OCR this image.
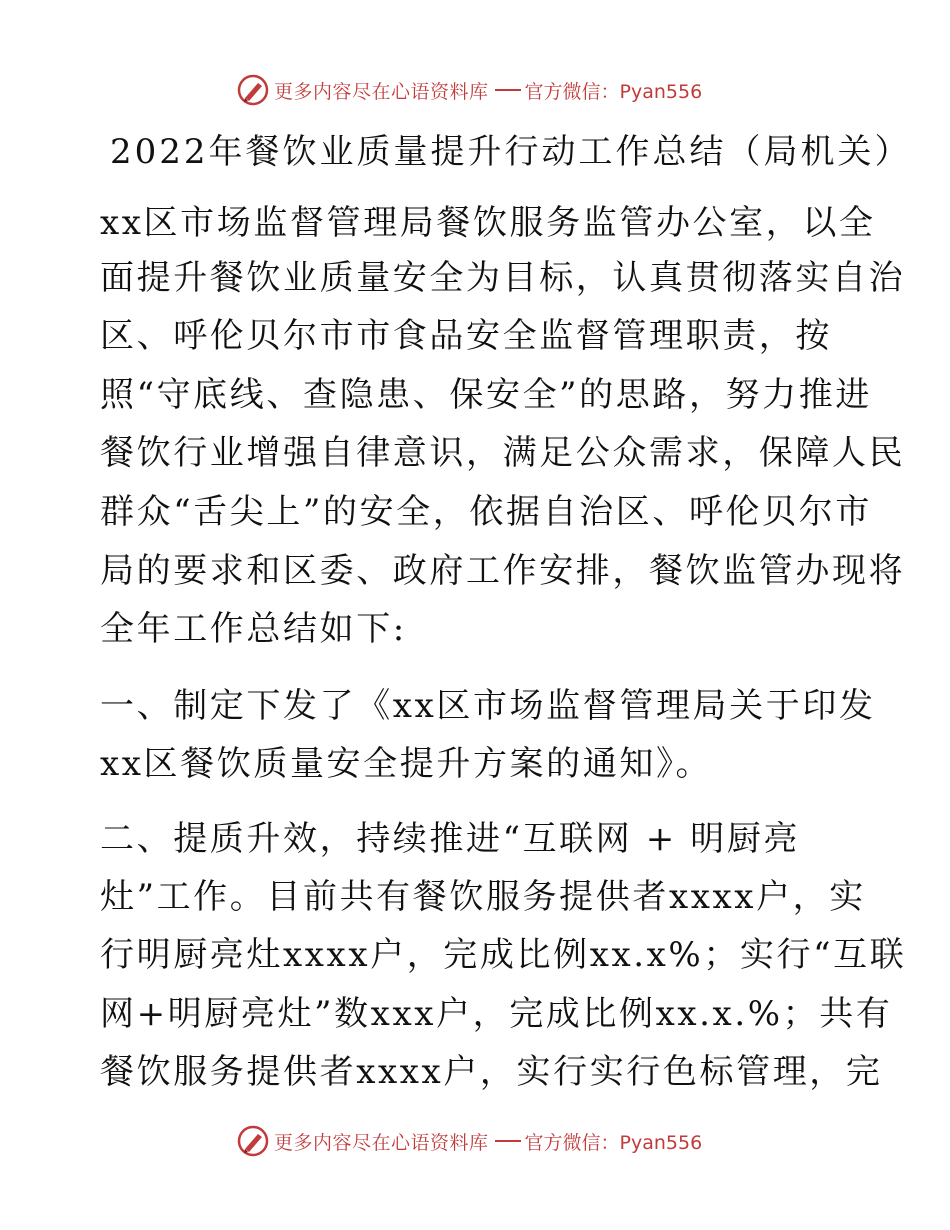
更多内容尽在心语资料库 官方微信：Pyan556
2022年餐饮业质量提升行动工作总结（局机关）
xx区市场监督管理局餐饮服务监管办公室，以全
面提升餐饮业质量安全为目标，认真贯彻落实自治
区、呼伦贝尔市市食品安全监督管理职责，按
照“守底线、查隐患、保安全”的思路，努力推进
餐饮行业增强自律意识，满足公众需求，保障人民
群众“舌尖上”的安全，依据自治区、呼伦贝尔市
局的要求和区委、政府工作安排，餐饮监管办现将
全年工作总结如下:
一、制定下发了《xx区市场监督管理局关于印发
xx区餐饮质量安全提升方案的通知》。
二、提质升效，持续推进“互联网 + 明厨亮
灶”工作。目前共有餐饮服务提供者xxxx户，实
行明厨亮灶xxxx户，完成比例xx.x%；实行“互联
网+明厨亮灶”数xxx户，完成比例xx.x.%；共有
餐饮服务提供者xxxx户，实行实行色标管理，完
更多内容尽在心语资料库 官方微信：Pyan556
